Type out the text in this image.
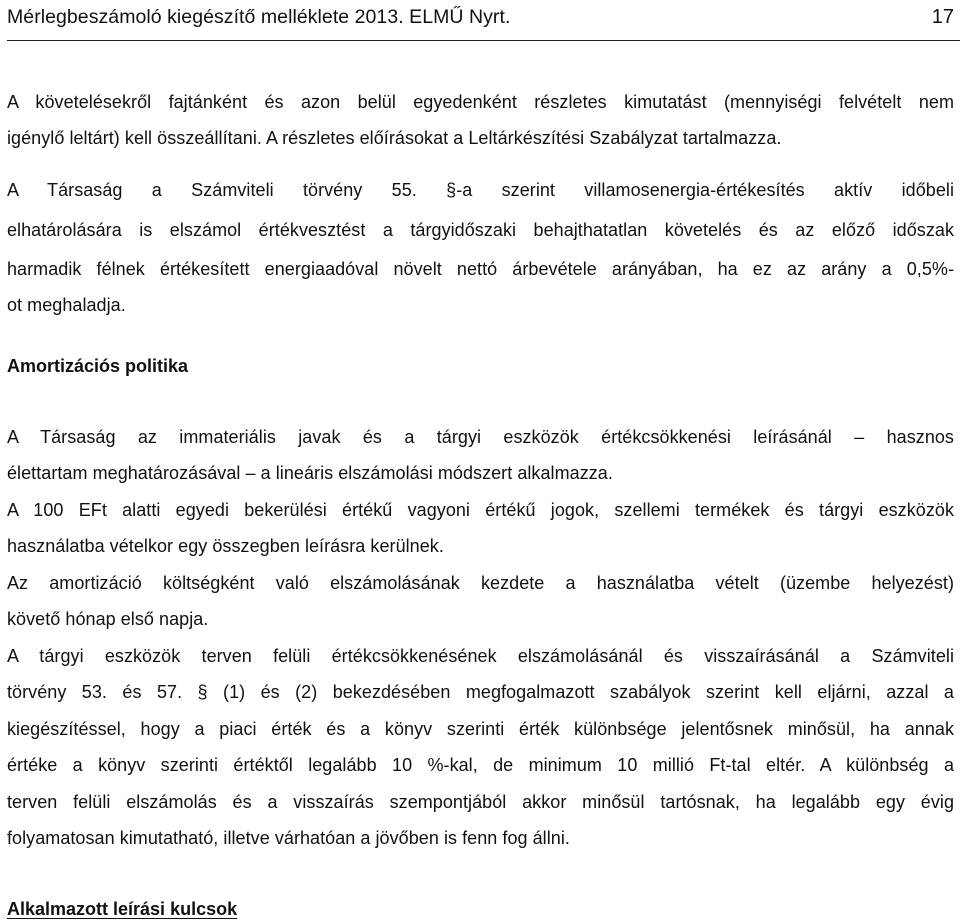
Mérlegbeszámoló kiegészítő melléklete 2013. ELMŰ Nyrt.	17
A követelésekről fajtánként és azon belül egyedenként részletes kimutatást (mennyiségi felvételt nem
igénylő leltárt) kell összeállítani. A részletes előírásokat a Leltárkészítési Szabályzat tartalmazza.
A Társaság a Számviteli törvény 55. §-a szerint villamosenergia-értékesítés aktív időbeli
elhatárolására is elszámol értékvesztést a tárgyidőszaki behajthatatlan követelés és az előző időszak
harmadik félnek értékesített energiaadóval növelt nettó árbevétele arányában, ha ez az arány a 0,5%-
ot meghaladja.
Amortizációs politika
A Társaság az immateriális javak és a tárgyi eszközök értékcsökkenési leírásánál – hasznos
élettartam meghatározásával – a lineáris elszámolási módszert alkalmazza.
A 100 EFt alatti egyedi bekerülési értékű vagyoni értékű jogok, szellemi termékek és tárgyi eszközök
használatba vételkor egy összegben leírásra kerülnek.
Az amortizáció költségként való elszámolásának kezdete a használatba vételt (üzembe helyezést)
követő hónap első napja.
A tárgyi eszközök terven felüli értékcsökkenésének elszámolásánál és visszaírásánál a Számviteli
törvény 53. és 57. § (1) és (2) bekezdésében megfogalmazott szabályok szerint kell eljárni, azzal a
kiegészítéssel, hogy a piaci érték és a könyv szerinti érték különbsége jelentősnek minősül, ha annak
értéke a könyv szerinti értéktől legalább 10 %-kal, de minimum 10 millió Ft-tal eltér. A különbség a
terven felüli elszámolás és a visszaírás szempontjából akkor minősül tartósnak, ha legalább egy évig
folyamatosan kimutatható, illetve várhatóan a jövőben is fenn fog állni.
Alkalmazott leírási kulcsok
